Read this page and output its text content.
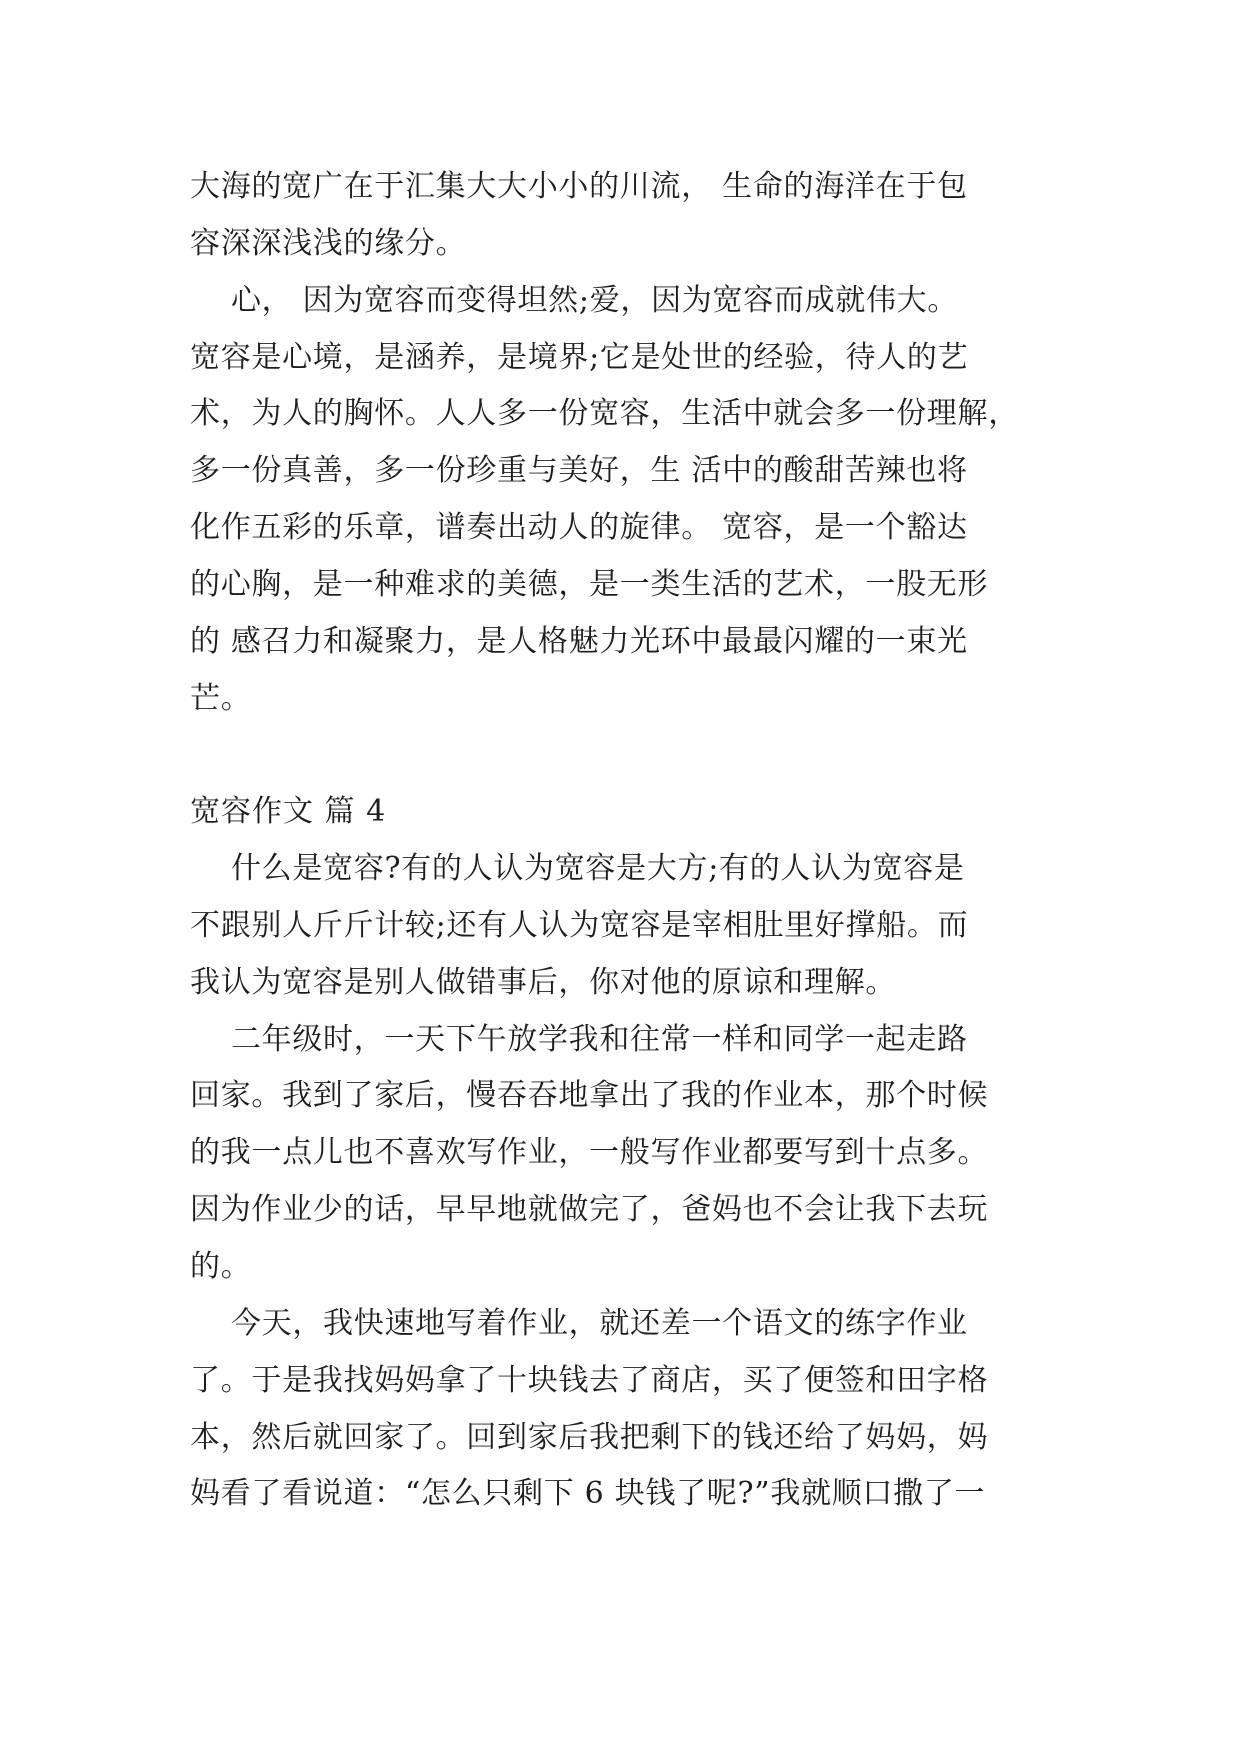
大海的宽广在于汇集大大小小的川流， 生命的海洋在于包
容深深浅浅的缘分。
心， 因为宽容而变得坦然;爱，因为宽容而成就伟大。
宽容是心境，是涵养，是境界;它是处世的经验，待人的艺
术，为人的胸怀。人人多一份宽容，生活中就会多一份理解，
多一份真善，多一份珍重与美好，生 活中的酸甜苦辣也将
化作五彩的乐章，谱奏出动人的旋律。 宽容，是一个豁达
的心胸，是一种难求的美德，是一类生活的艺术，一股无形
的 感召力和凝聚力，是人格魅力光环中最最闪耀的一束光
芒。
宽容作文 篇 4
什么是宽容?有的人认为宽容是大方;有的人认为宽容是
不跟别人斤斤计较;还有人认为宽容是宰相肚里好撑船。而
我认为宽容是别人做错事后，你对他的原谅和理解。
二年级时，一天下午放学我和往常一样和同学一起走路
回家。我到了家后，慢吞吞地拿出了我的作业本，那个时候
的我一点儿也不喜欢写作业，一般写作业都要写到十点多。
因为作业少的话，早早地就做完了，爸妈也不会让我下去玩
的。
今天，我快速地写着作业，就还差一个语文的练字作业
了。于是我找妈妈拿了十块钱去了商店，买了便签和田字格
本，然后就回家了。回到家后我把剩下的钱还给了妈妈，妈
妈看了看说道：“怎么只剩下 6 块钱了呢?”我就顺口撒了一
